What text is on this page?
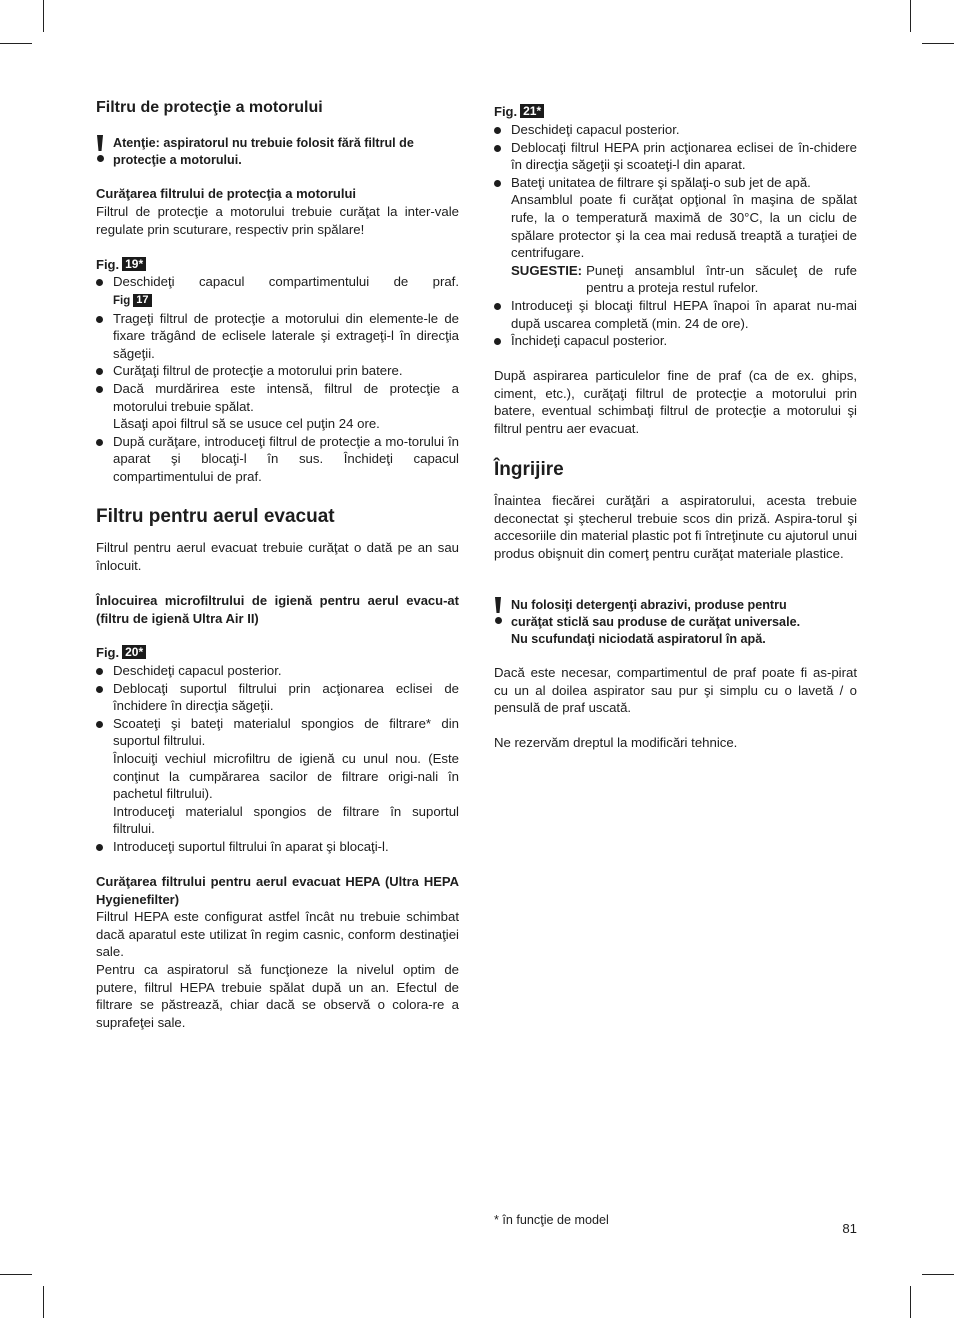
Filtru de protecţie a motorului
Atenţie: aspiratorul nu trebuie folosit fără filtrul de
protecţie a motorului.
Curăţarea filtrului de protecţia a motorului

Filtrul de protecţie a motorului trebuie curăţat la inter-vale regulate prin scuturare, respectiv prin spălare!

Fig. 19*
Deschideţi capacul compartimentului de praf.
Fig 17
Trageţi filtrul de protecţie a motorului din elemente-le de fixare trăgând de eclisele laterale şi extrageţi-l în direcţia săgeţii.
Curăţaţi filtrul de protecţie a motorului prin batere.
Dacă murdărirea este intensă, filtrul de protecţie a motorului trebuie spălat.
Lăsaţi apoi filtrul să se usuce cel puţin 24 ore.
După curăţare, introduceţi filtrul de protecţie a mo-torului în aparat şi blocaţi-l în sus. Închideţi capacul compartimentului de praf.
Filtru pentru aerul evacuat

Filtrul pentru aerul evacuat trebuie curăţat o dată pe an sau înlocuit.

Înlocuirea microfiltrului de igienă pentru aerul evacu-at (filtru de igienă Ultra Air II)
Fig. 20*
Deschideţi capacul posterior.
Deblocaţi suportul filtrului prin acţionarea eclisei de închidere în direcţia săgeţii.
Scoateţi şi bateţi materialul spongios de filtrare* din suportul filtrului.
Înlocuiţi vechiul microfiltru de igienă cu unul nou. (Este conţinut la cumpărarea sacilor de filtrare origi-nali în pachetul filtrului).
Introduceţi materialul spongios de filtrare în suportul filtrului.
Introduceţi suportul filtrului în aparat şi blocaţi-l.
Curăţarea filtrului pentru aerul evacuat HEPA (Ultra HEPA Hygienefilter)

Filtrul HEPA este configurat astfel încât nu trebuie schimbat dacă aparatul este utilizat în regim casnic, conform destinaţiei sale.

Pentru ca aspiratorul să funcţioneze la nivelul optim de putere, filtrul HEPA trebuie spălat după un an. Efectul de filtrare se păstrează, chiar dacă se observă o colora-re a suprafeţei sale.

Fig. 21*
Deschideţi capacul posterior.
Deblocaţi filtrul HEPA prin acţionarea eclisei de în-chidere în direcţia săgeţii şi scoateţi-l din aparat.
Bateţi unitatea de filtrare şi spălaţi-o sub jet de apă.
Ansamblul poate fi curăţat opţional în maşina de spălat rufe, la o temperatură maximă de 30°C, la un ciclu de spălare protector şi la cea mai redusă treaptă a turaţiei de centrifugare.
SUGESTIE: Puneţi ansamblul într-un săculeţ de rufe pentru a proteja restul rufelor.
Introduceţi şi blocaţi filtrul HEPA înapoi în aparat nu-mai după uscarea completă (min. 24 de ore).
Închideţi capacul posterior.

După aspirarea particulelor fine de praf (ca de ex. ghips, ciment, etc.), curăţaţi filtrul de protecţie a motorului prin batere, eventual schimbaţi filtrul de protecţie a motorului şi filtrul pentru aer evacuat.

Îngrijire

Înaintea fiecărei curăţări a aspiratorului, acesta trebuie deconectat şi ştecherul trebuie scos din priză. Aspira-torul şi accesoriile din material plastic pot fi întreţinute cu ajutorul unui produs obişnuit din comerţ pentru curăţat materiale plastice.

Nu folosiţi detergenţi abrazivi, produse pentru
curăţat sticlă sau produse de curăţat universale.
Nu scufundaţi niciodată aspiratorul în apă.

Dacă este necesar, compartimentul de praf poate fi as-pirat cu un al doilea aspirator sau pur şi simplu cu o lavetă / o pensulă de praf uscată.

Ne rezervăm dreptul la modificări tehnice.

* în funcţie de model
81
